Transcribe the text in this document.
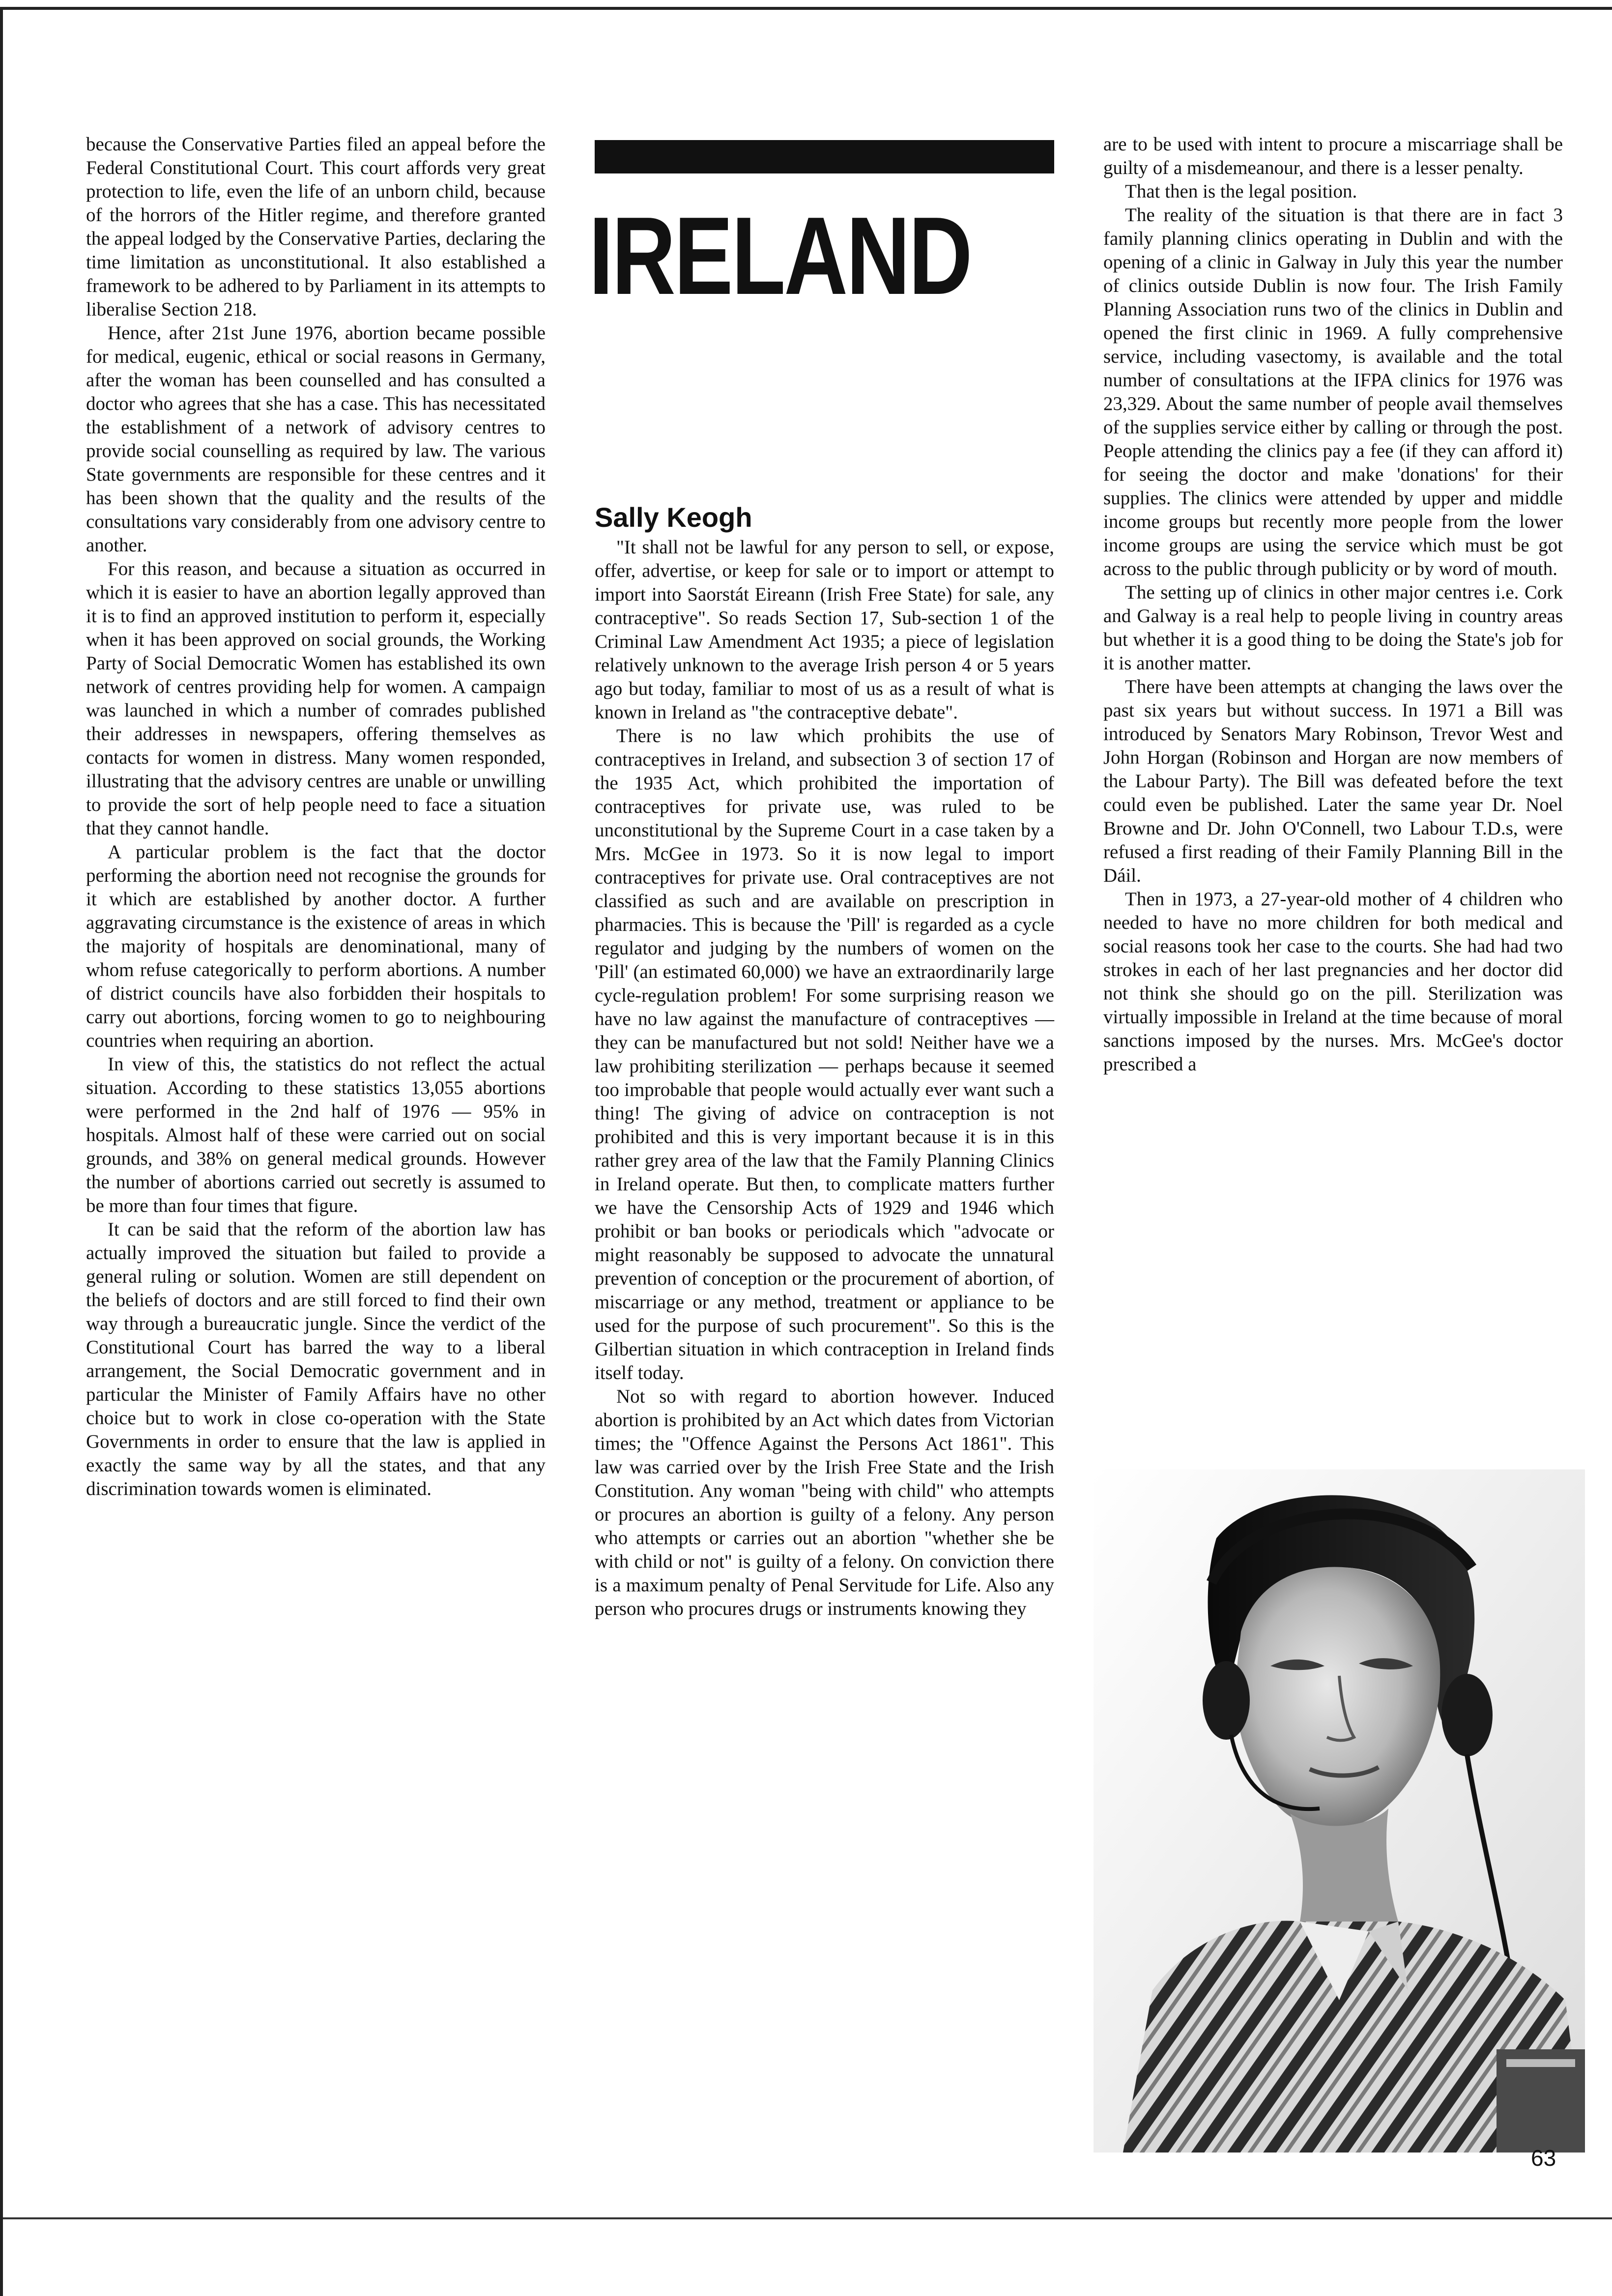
because the Conservative Parties filed an appeal before the Federal Constitutional Court. This court affords very great protection to life, even the life of an unborn child, because of the horrors of the Hitler regime, and therefore granted the appeal lodged by the Conservative Parties, declaring the time limitation as unconstitutional. It also established a framework to be adhered to by Parliament in its attempts to liberalise Section 218.

Hence, after 21st June 1976, abortion became possible for medical, eugenic, ethical or social reasons in Germany, after the woman has been counselled and has consulted a doctor who agrees that she has a case. This has necessitated the establishment of a network of advisory centres to provide social counselling as required by law. The various State governments are responsible for these centres and it has been shown that the quality and the results of the consultations vary considerably from one advisory centre to another.

For this reason, and because a situation as occurred in which it is easier to have an abortion legally approved than it is to find an approved institution to perform it, especially when it has been approved on social grounds, the Working Party of Social Democratic Women has established its own network of centres providing help for women. A campaign was launched in which a number of comrades published their addresses in newspapers, offering themselves as contacts for women in distress. Many women responded, illustrating that the advisory centres are unable or unwilling to provide the sort of help people need to face a situation that they cannot handle.

A particular problem is the fact that the doctor performing the abortion need not recognise the grounds for it which are established by another doctor. A further aggravating circumstance is the existence of areas in which the majority of hospitals are denominational, many of whom refuse categorically to perform abortions. A number of district councils have also forbidden their hospitals to carry out abortions, forcing women to go to neighbouring countries when requiring an abortion.

In view of this, the statistics do not reflect the actual situation. According to these statistics 13,055 abortions were performed in the 2nd half of 1976 — 95% in hospitals. Almost half of these were carried out on social grounds, and 38% on general medical grounds. However the number of abortions carried out secretly is assumed to be more than four times that figure.

It can be said that the reform of the abortion law has actually improved the situation but failed to provide a general ruling or solution. Women are still dependent on the beliefs of doctors and are still forced to find their own way through a bureaucratic jungle. Since the verdict of the Constitutional Court has barred the way to a liberal arrangement, the Social Democratic government and in particular the Minister of Family Affairs have no other choice but to work in close co-operation with the State Governments in order to ensure that the law is applied in exactly the same way by all the states, and that any discrimination towards women is eliminated.

IRELAND
Sally Keogh

"It shall not be lawful for any person to sell, or expose, offer, advertise, or keep for sale or to import or attempt to import into Saorstát Eireann (Irish Free State) for sale, any contraceptive". So reads Section 17, Sub-section 1 of the Criminal Law Amendment Act 1935; a piece of legislation relatively unknown to the average Irish person 4 or 5 years ago but today, familiar to most of us as a result of what is known in Ireland as "the contraceptive debate".

There is no law which prohibits the use of contraceptives in Ireland, and subsection 3 of section 17 of the 1935 Act, which prohibited the importation of contraceptives for private use, was ruled to be unconstitutional by the Supreme Court in a case taken by a Mrs. McGee in 1973. So it is now legal to import contraceptives for private use. Oral contraceptives are not classified as such and are available on prescription in pharmacies. This is because the 'Pill' is regarded as a cycle regulator and judging by the numbers of women on the 'Pill' (an estimated 60,000) we have an extraordinarily large cycle-regulation problem! For some surprising reason we have no law against the manufacture of contraceptives — they can be manufactured but not sold! Neither have we a law prohibiting sterilization — perhaps because it seemed too improbable that people would actually ever want such a thing! The giving of advice on contraception is not prohibited and this is very important because it is in this rather grey area of the law that the Family Planning Clinics in Ireland operate. But then, to complicate matters further we have the Censorship Acts of 1929 and 1946 which prohibit or ban books or periodicals which "advocate or might reasonably be supposed to advocate the unnatural prevention of conception or the procurement of abortion, of miscarriage or any method, treatment or appliance to be used for the purpose of such procurement". So this is the Gilbertian situation in which contraception in Ireland finds itself today.

Not so with regard to abortion however. Induced abortion is prohibited by an Act which dates from Victorian times; the "Offence Against the Persons Act 1861". This law was carried over by the Irish Free State and the Irish Constitution. Any woman "being with child" who attempts or procures an abortion is guilty of a felony. Any person who attempts or carries out an abortion "whether she be with child or not" is guilty of a felony. On conviction there is a maximum penalty of Penal Servitude for Life. Also any person who procures drugs or instruments knowing they

are to be used with intent to procure a miscarriage shall be guilty of a misdemeanour, and there is a lesser penalty.

That then is the legal position.

The reality of the situation is that there are in fact 3 family planning clinics operating in Dublin and with the opening of a clinic in Galway in July this year the number of clinics outside Dublin is now four. The Irish Family Planning Association runs two of the clinics in Dublin and opened the first clinic in 1969. A fully comprehensive service, including vasectomy, is available and the total number of consultations at the IFPA clinics for 1976 was 23,329. About the same number of people avail themselves of the supplies service either by calling or through the post. People attending the clinics pay a fee (if they can afford it) for seeing the doctor and make 'donations' for their supplies. The clinics were attended by upper and middle income groups but recently more people from the lower income groups are using the service which must be got across to the public through publicity or by word of mouth.

The setting up of clinics in other major centres i.e. Cork and Galway is a real help to people living in country areas but whether it is a good thing to be doing the State's job for it is another matter.

There have been attempts at changing the laws over the past six years but without success. In 1971 a Bill was introduced by Senators Mary Robinson, Trevor West and John Horgan (Robinson and Horgan are now members of the Labour Party). The Bill was defeated before the text could even be published. Later the same year Dr. Noel Browne and Dr. John O'Connell, two Labour T.D.s, were refused a first reading of their Family Planning Bill in the Dáil.

Then in 1973, a 27-year-old mother of 4 children who needed to have no more children for both medical and social reasons took her case to the courts. She had had two strokes in each of her last pregnancies and her doctor did not think she should go on the pill. Sterilization was virtually impossible in Ireland at the time because of moral sanctions imposed by the nurses. Mrs. McGee's doctor prescribed a

63
